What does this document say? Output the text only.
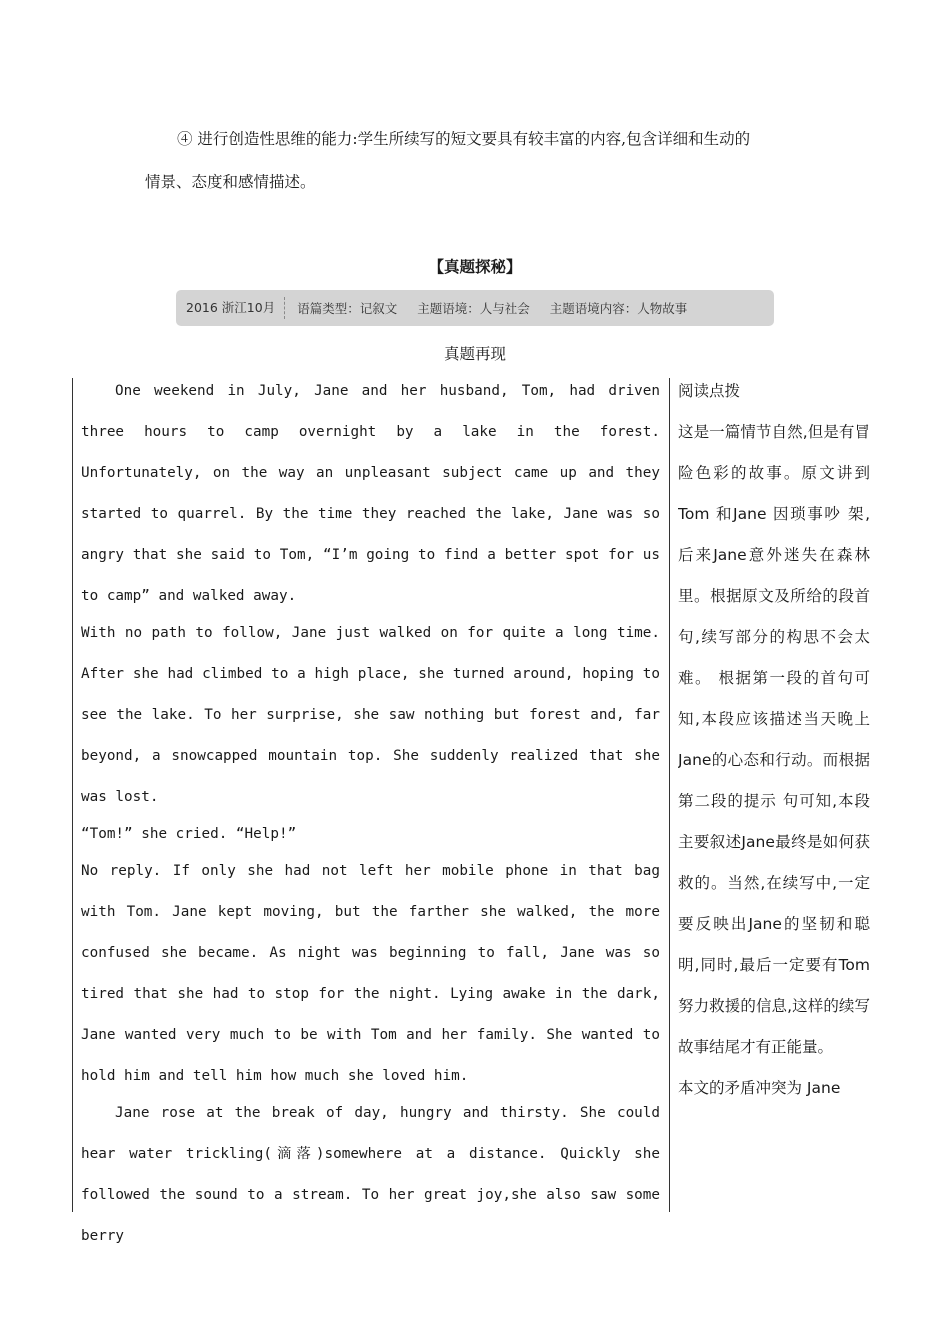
④ 进行创造性思维的能力:学生所续写的短文要具有较丰富的内容,包含详细和生动的
情景、态度和感情描述。
【真题探秘】
2016 浙江10月	语篇类型：记叙文	主题语境：人与社会	主题语境内容：人物故事
真题再现

One weekend in July, Jane and her husband, Tom, had driven three hours to camp overnight by a lake in the forest. Unfortunately, on the way an unpleasant subject came up and they started to quarrel. By the time they reached the lake, Jane was so angry that she said to Tom, “I’m going to find a better spot for us to camp” and walked away.

With no path to follow, Jane just walked on for quite a long time. After she had climbed to a high place, she turned around, hoping to see the lake. To her surprise, she saw nothing but forest and, far beyond, a snowcapped mountain top. She suddenly realized that she was lost.

“Tom!” she cried. “Help!”

No reply. If only she had not left her mobile phone in that bag with Tom. Jane kept moving, but the farther she walked, the more confused she became. As night was beginning to fall, Jane was so tired that she had to stop for the night. Lying awake in the dark, Jane wanted very much to be with Tom and her family. She wanted to hold him and tell him how much she loved him.

Jane rose at the break of day, hungry and thirsty. She could hear water trickling(滴落)somewhere at a distance. Quickly she followed the sound to a stream. To her great joy,she also saw some berry

阅读点拨

这是一篇情节自然,但是有冒险色彩的故事。原文讲到Tom 和Jane 因琐事吵 架,后来Jane意外迷失在森林里。根据原文及所给的段首句,续写部分的构思不会太难。 根据第一段的首句可知,本段应该描述当天晚上Jane的心态和行动。而根据第二段的提示 句可知,本段主要叙述Jane最终是如何获救的。当然,在续写中,一定要反映出Jane的坚韧和聪明,同时,最后一定要有Tom努力救援的信息,这样的续写故事结尾才有正能量。

本文的矛盾冲突为 Jane
